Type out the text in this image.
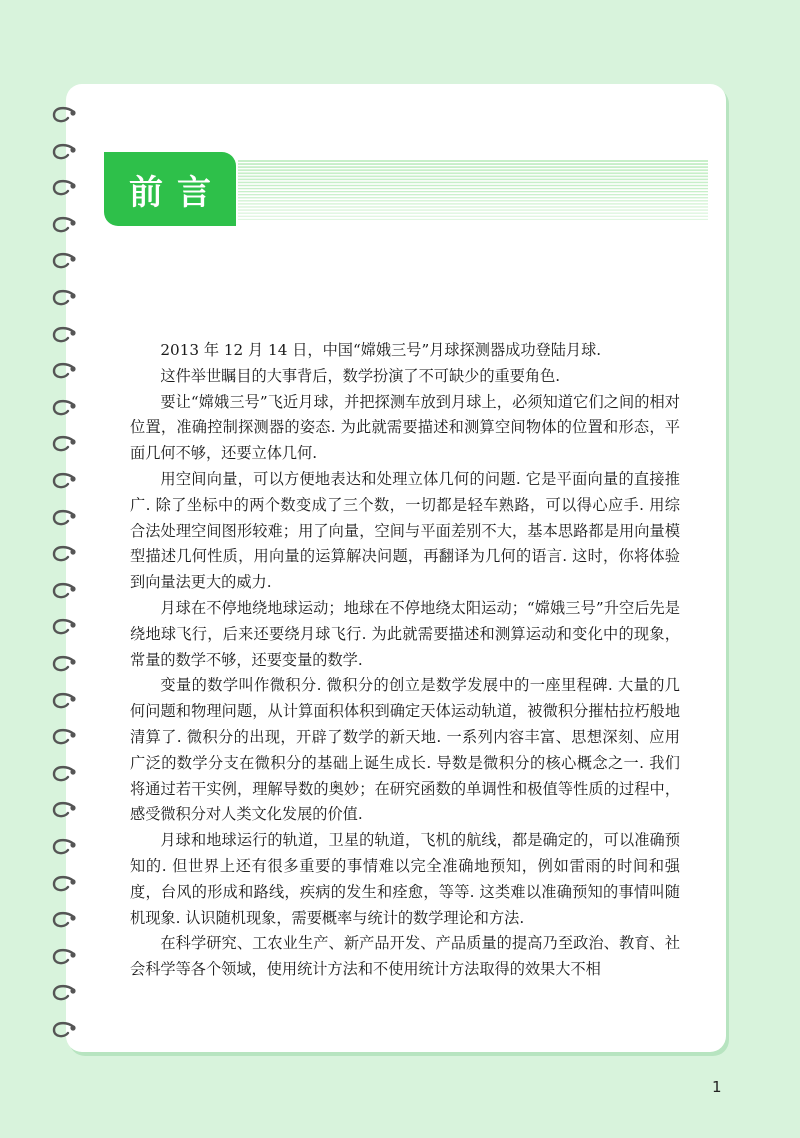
前言

2013 年 12 月 14 日，中国“嫦娥三号”月球探测器成功登陆月球.

这件举世瞩目的大事背后，数学扮演了不可缺少的重要角色.

要让“嫦娥三号”飞近月球，并把探测车放到月球上，必须知道它们之间的相对位置，准确控制探测器的姿态. 为此就需要描述和测算空间物体的位置和形态，平面几何不够，还要立体几何.

用空间向量，可以方便地表达和处理立体几何的问题. 它是平面向量的直接推广. 除了坐标中的两个数变成了三个数，一切都是轻车熟路，可以得心应手. 用综合法处理空间图形较难；用了向量，空间与平面差别不大，基本思路都是用向量模型描述几何性质，用向量的运算解决问题，再翻译为几何的语言. 这时，你将体验到向量法更大的威力.

月球在不停地绕地球运动；地球在不停地绕太阳运动；“嫦娥三号”升空后先是绕地球飞行，后来还要绕月球飞行. 为此就需要描述和测算运动和变化中的现象，常量的数学不够，还要变量的数学.

变量的数学叫作微积分. 微积分的创立是数学发展中的一座里程碑. 大量的几何问题和物理问题，从计算面积体积到确定天体运动轨道，被微积分摧枯拉朽般地清算了. 微积分的出现，开辟了数学的新天地. 一系列内容丰富、思想深刻、应用广泛的数学分支在微积分的基础上诞生成长. 导数是微积分的核心概念之一. 我们将通过若干实例，理解导数的奥妙；在研究函数的单调性和极值等性质的过程中，感受微积分对人类文化发展的价值.

月球和地球运行的轨道，卫星的轨道，飞机的航线，都是确定的，可以准确预知的. 但世界上还有很多重要的事情难以完全准确地预知，例如雷雨的时间和强度，台风的形成和路线，疾病的发生和痊愈，等等. 这类难以准确预知的事情叫随机现象. 认识随机现象，需要概率与统计的数学理论和方法.

在科学研究、工农业生产、新产品开发、产品质量的提高乃至政治、教育、社会科学等各个领域，使用统计方法和不使用统计方法取得的效果大不相

1
